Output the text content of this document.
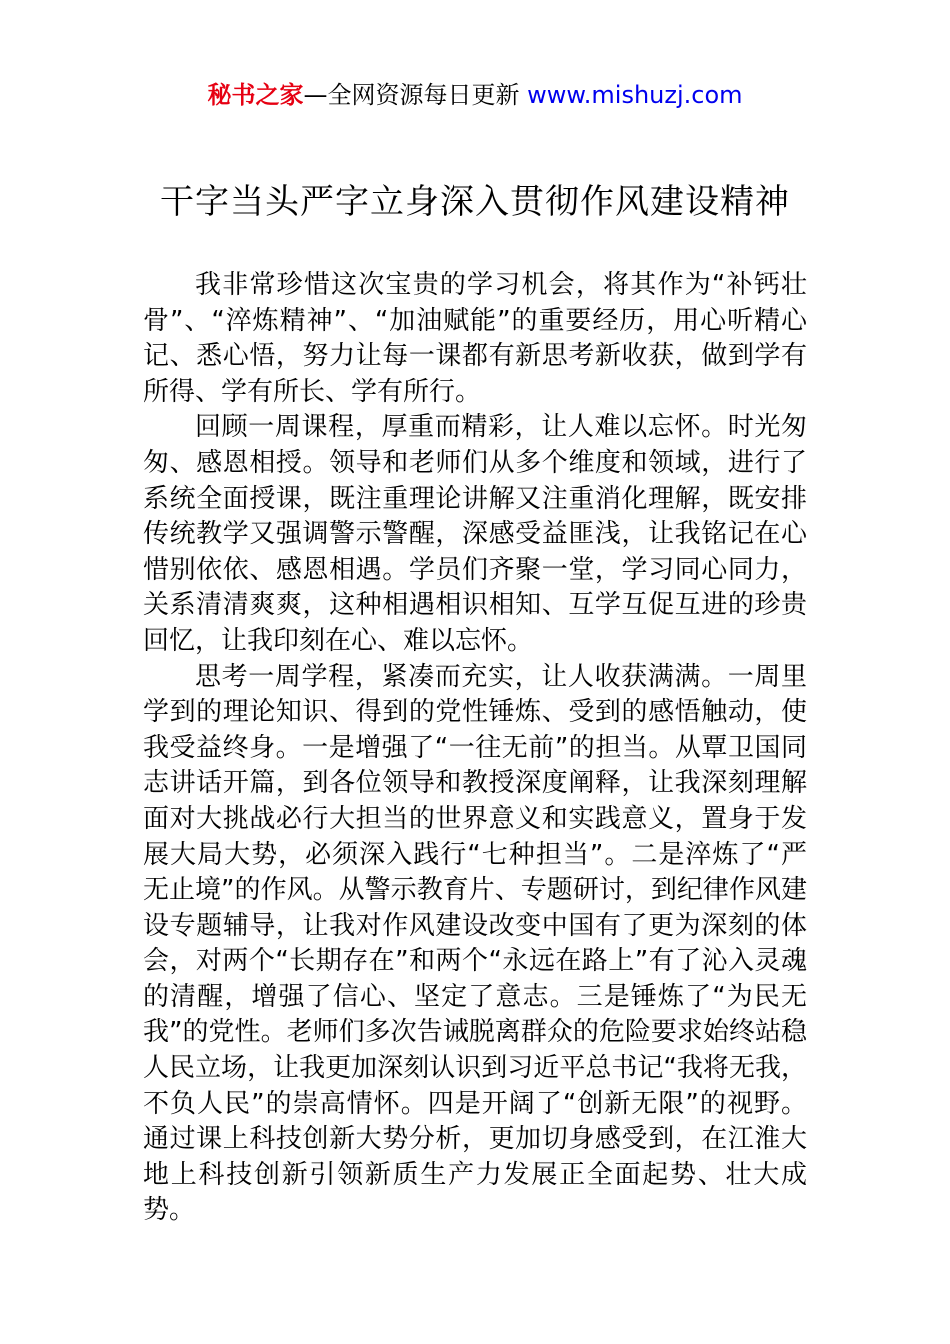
秘书之家—全网资源每日更新 www.mishuzj.com
干字当头严字立身深入贯彻作风建设精神

我非常珍惜这次宝贵的学习机会，将其作为“补钙壮骨”、“淬炼精神”、“加油赋能”的重要经历，用心听精心记、悉心悟，努力让每一课都有新思考新收获，做到学有所得、学有所长、学有所行。

回顾一周课程，厚重而精彩，让人难以忘怀。时光匆匆、感恩相授。领导和老师们从多个维度和领域，进行了系统全面授课，既注重理论讲解又注重消化理解，既安排传统教学又强调警示警醒，深感受益匪浅，让我铭记在心惜别依依、感恩相遇。学员们齐聚一堂，学习同心同力，关系清清爽爽，这种相遇相识相知、互学互促互进的珍贵回忆，让我印刻在心、难以忘怀。

思考一周学程，紧凑而充实，让人收获满满。一周里学到的理论知识、得到的党性锤炼、受到的感悟触动，使我受益终身。一是增强了“一往无前”的担当。从覃卫国同志讲话开篇，到各位领导和教授深度阐释，让我深刻理解面对大挑战必行大担当的世界意义和实践意义，置身于发展大局大势，必须深入践行“七种担当”。二是淬炼了“严无止境”的作风。从警示教育片、专题研讨，到纪律作风建设专题辅导，让我对作风建设改变中国有了更为深刻的体会，对两个“长期存在”和两个“永远在路上”有了沁入灵魂的清醒，增强了信心、坚定了意志。三是锤炼了“为民无我”的党性。老师们多次告诫脱离群众的危险要求始终站稳人民立场，让我更加深刻认识到习近平总书记“我将无我，不负人民”的崇高情怀。四是开阔了“创新无限”的视野。通过课上科技创新大势分析，更加切身感受到，在江淮大地上科技创新引领新质生产力发展正全面起势、壮大成势。
